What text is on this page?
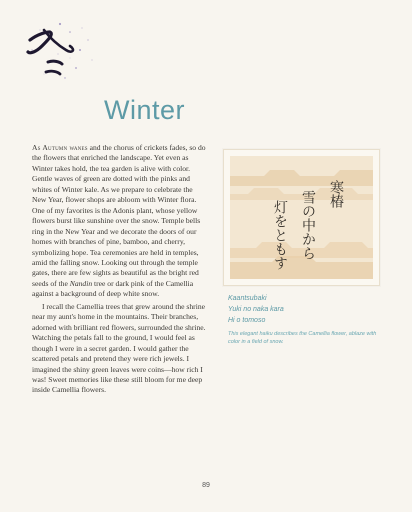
Winter

As Autumn wanes and the chorus of crickets fades, so do the flowers that enriched the landscape. Yet even as Winter takes hold, the tea garden is alive with color. Gentle waves of green are dotted with the pinks and whites of Winter kale. As we prepare to celebrate the New Year, flower shops are abloom with Winter flora. One of my favorites is the Adonis plant, whose yellow flowers burst like sunshine over the snow. Temple bells ring in the New Year and we decorate the doors of our homes with branches of pine, bamboo, and cherry, symbolizing hope. Tea ceremonies are held in temples, amid the falling snow. Looking out through the temple gates, there are few sights as beautiful as the bright red seeds of the Nandin tree or dark pink of the Camellia against a background of deep white snow.

I recall the Camellia trees that grew around the shrine near my aunt's home in the mountains. Their branches, adorned with brilliant red flowers, surrounded the shrine. Watching the petals fall to the ground, I would feel as though I were in a secret garden. I would gather the scattered petals and pretend they were rich jewels. I imagined the shiny green leaves were coins—how rich I was! Sweet memories like these still bloom for me deep inside Camellia flowers.

寒椿
雪の中から
灯をともす
Kaantsubaki
Yuki no naka kara
Hi o tomoso
This elegant haiku describes the Camellia flower, ablaze with color in a field of snow.
89
